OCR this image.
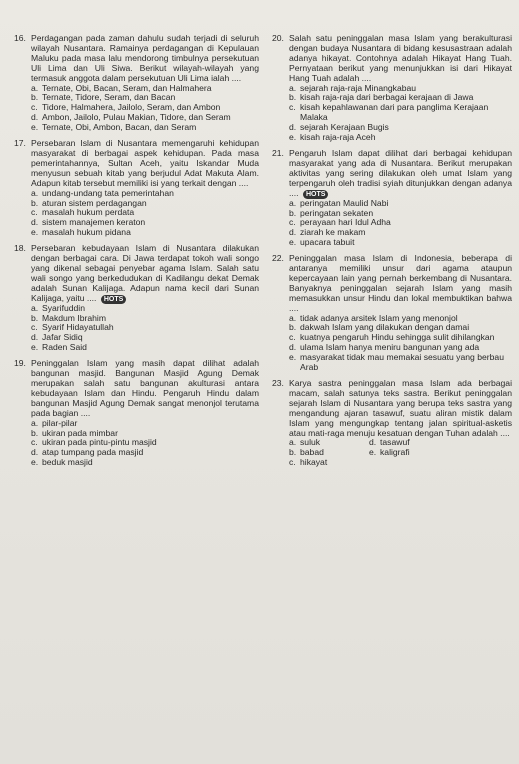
16. Perdagangan pada zaman dahulu sudah terjadi di seluruh wilayah Nusantara. Ramainya perdagangan di Kepulauan Maluku pada masa lalu mendorong timbulnya persekutuan Uli Lima dan Uli Siwa. Berikut wilayah-wilayah yang termasuk anggota dalam persekutuan Uli Lima ialah ....
a. Ternate, Obi, Bacan, Seram, dan Halmahera
b. Ternate, Tidore, Seram, dan Bacan
c. Tidore, Halmahera, Jailolo, Seram, dan Ambon
d. Ambon, Jailolo, Pulau Makian, Tidore, dan Seram
e. Ternate, Obi, Ambon, Bacan, dan Seram
17. Persebaran Islam di Nusantara memengaruhi kehidupan masyarakat di berbagai aspek kehidupan. Pada masa pemerintahannya, Sultan Aceh, yaitu Iskandar Muda menyusun sebuah kitab yang berjudul Adat Makuta Alam. Adapun kitab tersebut memiliki isi yang terkait dengan ....
a. undang-undang tata pemerintahan
b. aturan sistem perdagangan
c. masalah hukum perdata
d. sistem manajemen keraton
e. masalah hukum pidana
18. Persebaran kebudayaan Islam di Nusantara dilakukan dengan berbagai cara. Di Jawa terdapat tokoh wali songo yang dikenal sebagai penyebar agama Islam. Salah satu wali songo yang berkedudukan di Kadilangu dekat Demak adalah Sunan Kalijaga. Adapun nama kecil dari Sunan Kalijaga, yaitu .... HOTS
a. Syarifuddin
b. Makdum Ibrahim
c. Syarif Hidayatullah
d. Jafar Sidiq
e. Raden Said
19. Peninggalan Islam yang masih dapat dilihat adalah bangunan masjid. Bangunan Masjid Agung Demak merupakan salah satu bangunan akulturasi antara kebudayaan Islam dan Hindu. Pengaruh Hindu dalam bangunan Masjid Agung Demak sangat menonjol terutama pada bagian ....
a. pilar-pilar
b. ukiran pada mimbar
c. ukiran pada pintu-pintu masjid
d. atap tumpang pada masjid
e. beduk masjid
20. Salah satu peninggalan masa Islam yang berakulturasi dengan budaya Nusantara di bidang kesusastraan adalah adanya hikayat. Contohnya adalah Hikayat Hang Tuah. Pernyataan berikut yang menunjukkan isi dari Hikayat Hang Tuah adalah ....
a. sejarah raja-raja Minangkabau
b. kisah raja-raja dari berbagai kerajaan di Jawa
c. kisah kepahlawanan dari para panglima Kerajaan Malaka
d. sejarah Kerajaan Bugis
e. kisah raja-raja Aceh
21. Pengaruh Islam dapat dilihat dari berbagai kehidupan masyarakat yang ada di Nusantara. Berikut merupakan aktivitas yang sering dilakukan oleh umat Islam yang terpengaruh oleh tradisi syiah ditunjukkan dengan adanya .... HOTS
a. peringatan Maulid Nabi
b. peringatan sekaten
c. perayaan hari Idul Adha
d. ziarah ke makam
e. upacara tabuit
22. Peninggalan masa Islam di Indonesia, beberapa di antaranya memiliki unsur dari agama ataupun kepercayaan lain yang pernah berkembang di Nusantara. Banyaknya peninggalan sejarah Islam yang masih memasukkan unsur Hindu dan lokal membuktikan bahwa ....
a. tidak adanya arsitek Islam yang menonjol
b. dakwah Islam yang dilakukan dengan damai
c. kuatnya pengaruh Hindu sehingga sulit dihilangkan
d. ulama Islam hanya meniru bangunan yang ada
e. masyarakat tidak mau memakai sesuatu yang berbau Arab
23. Karya sastra peninggalan masa Islam ada berbagai macam, salah satunya teks sastra. Berikut peninggalan sejarah Islam di Nusantara yang berupa teks sastra yang mengandung ajaran tasawuf, suatu aliran mistik dalam Islam yang mengungkap tentang jalan spiritual-asketis atau mati-raga menuju kesatuan dengan Tuhan adalah ....
a. suluk	d. tasawuf
b. babad	e. kaligrafi
c. hikayat
